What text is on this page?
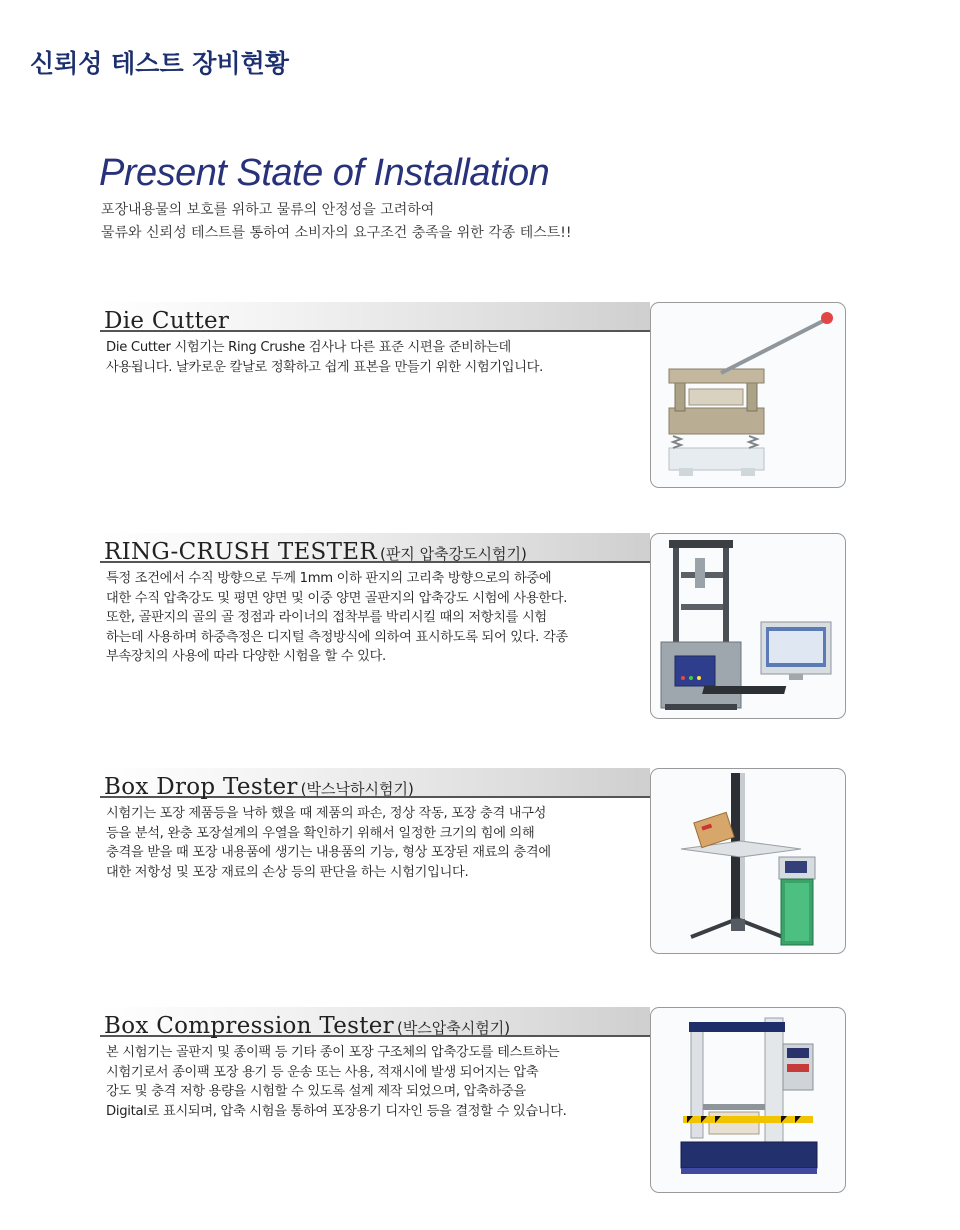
신뢰성 테스트 장비현황
Present State of Installation
포장내용물의 보호를 위하고 물류의 안정성을 고려하여
물류와 신뢰성 테스트를 통하여 소비자의 요구조건 충족을 위한 각종 테스트!!
Die Cutter
Die Cutter 시험기는 Ring Crushe 검사나 다른 표준 시편을 준비하는데
사용됩니다. 날카로운 칼날로 정확하고 쉽게 표본을 만들기 위한 시험기입니다.
RING-CRUSH TESTER (판지 압축강도시험기)
특정 조건에서 수직 방향으로 두께 1mm 이하 판지의 고리축 방향으로의 하중에
대한 수직 압축강도 및 평면 양면 및 이중 양면 골판지의 압축강도 시험에 사용한다.
또한, 골판지의 골의 골 정점과 라이너의 접착부를 박리시킬 때의 저항치를 시험
하는데 사용하며 하중측정은 디지털 측정방식에 의하여 표시하도록 되어 있다. 각종
부속장치의 사용에 따라 다양한 시험을 할 수 있다.
Box Drop Tester (박스낙하시험기)
시험기는 포장 제품등을 낙하 했을 때 제품의 파손, 정상 작동, 포장 충격 내구성
등을 분석, 완충 포장설계의 우열을 확인하기 위해서 일정한 크기의 힘에 의해
충격을 받을 때 포장 내용품에 생기는 내용품의 기능, 형상 포장된 재료의 충격에
대한 저항성 및 포장 재료의 손상 등의 판단을 하는 시험기입니다.
Box Compression Tester (박스압축시험기)
본 시험기는 골판지 및 종이팩 등 기타 종이 포장 구조체의 압축강도를 테스트하는
시험기로서 종이팩 포장 용기 등 운송 또는 사용, 적재시에 발생 되어지는 압축
강도 및 충격 저항 용량을 시험할 수 있도록 설계 제작 되었으며, 압축하중을
Digital로 표시되며, 압축 시험을 통하여 포장용기 디자인 등을 결정할 수 있습니다.
